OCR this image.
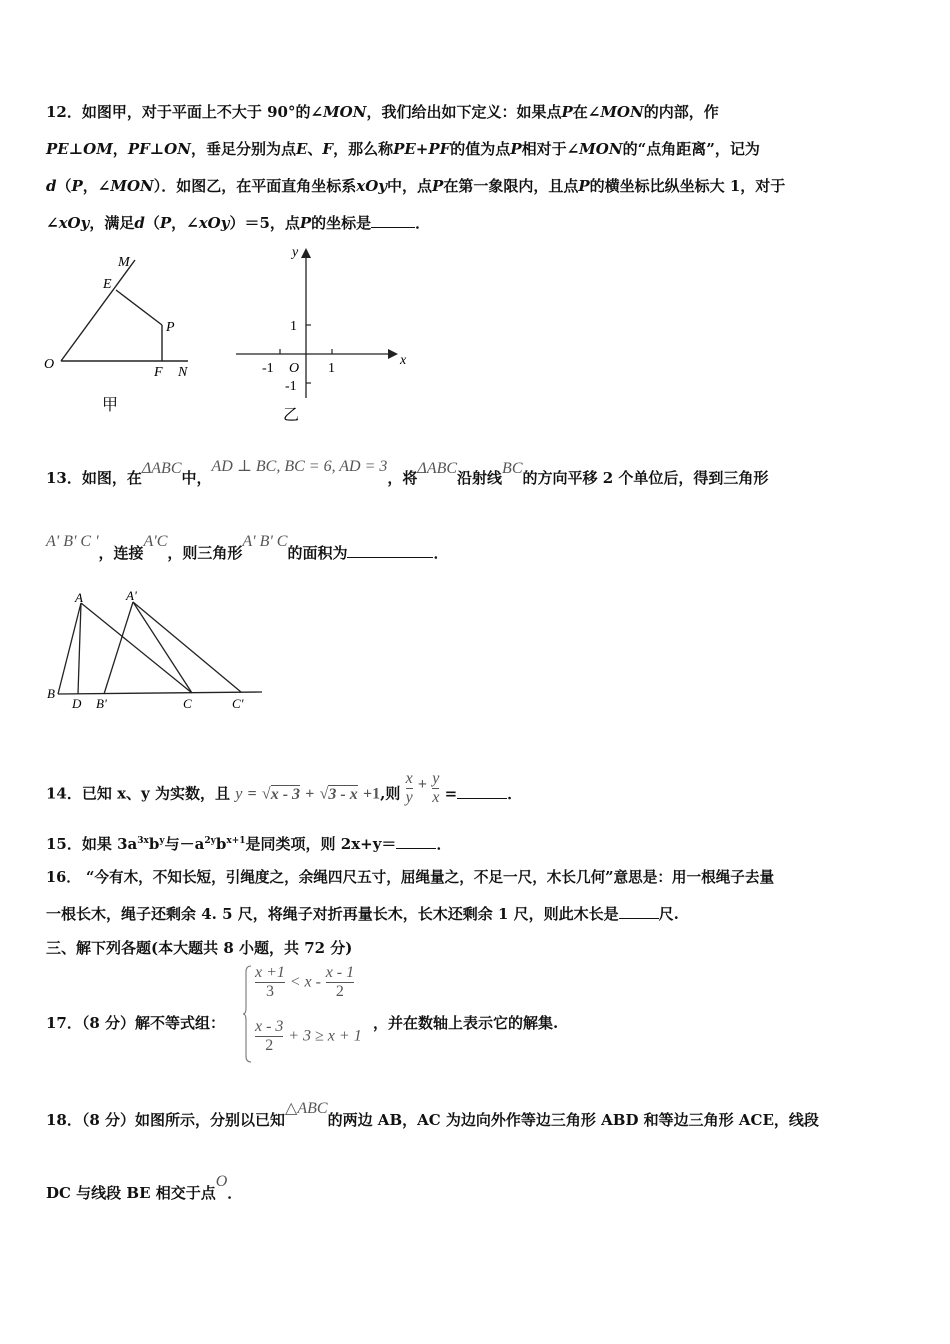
12．如图甲，对于平面上不大于 90°的∠MON，我们给出如下定义：如果点P在∠MON的内部，作
PE⊥OM，PF⊥ON，垂足分别为点E、F，那么称PE+PF的值为点P相对于∠MON的“点角距离”，记为
d（P，∠MON）．如图乙，在平面直角坐标系xOy中，点P在第一象限内，且点P的横坐标比纵坐标大 1，对于
∠xOy，满足d（P，∠xOy）＝5，点P的坐标是	．
M
E
P
O
F N
甲
y
x
1
-1 O 1
-1
乙
13．如图，在ΔABC中，AD ⊥ BC, BC = 6, AD = 3，将ΔABC沿射线BC的方向平移 2 个单位后，得到三角形
A' B' C '，连接A'C，则三角形A' B' C的面积为	．
A	A'
B
D B'	C	C'
14．已知 x、y 为实数，且 y = √x - 3 + √3 - x +1,则 $\frac{x}{y} + \frac{y}{x}$ =	．
15．如果 $3a^{3x}b^y$与$-a^{2y}b^{x+1}$是同类项，则 2x+y＝	．
16． “今有木，不知长短，引绳度之，余绳四尺五寸，屈绳量之，不足一尺，木长几何”意思是：用一根绳子去量
一根长木，绳子还剩余 4. 5 尺，将绳子对折再量长木，长木还剩余 1 尺，则此木长是	尺.
三、解下列各题(本大题共 8 小题，共 72 分)
17．（8 分）解不等式组：
$\frac{x +1}{3} < x - \frac{x - 1}{2}$
$\frac{x - 3}{2} + 3 \ge x + 1$
，并在数轴上表示它的解集.
18．（8 分）如图所示，分别以已知△ABC的两边 AB，AC 为边向外作等边三角形 ABD 和等边三角形 ACE，线段
DC 与线段 BE 相交于点O．
